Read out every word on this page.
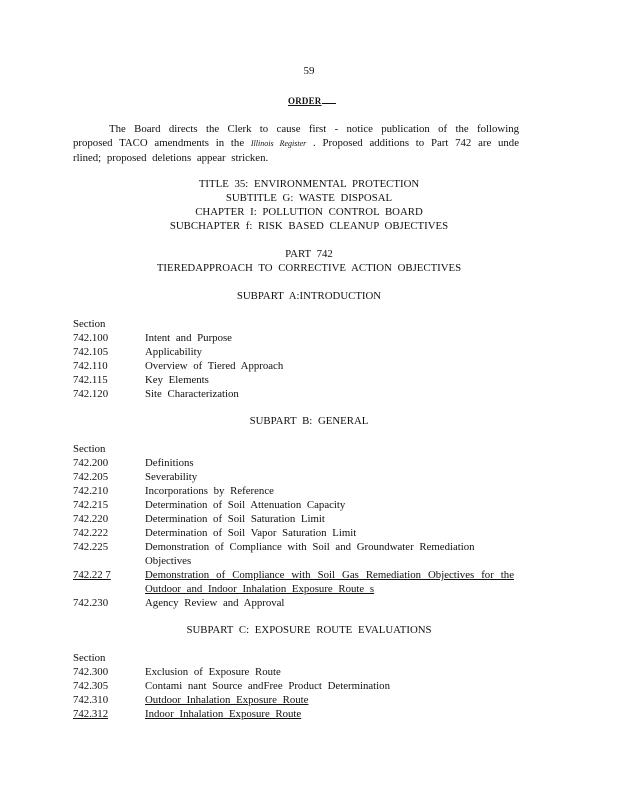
59
ORDER
The Board directs the Clerk to cause first - notice publication of the following proposed TACO amendments in the Illinois Register . Proposed additions to Part 742 are unde rlined; proposed deletions appear stricken.
TITLE 35: ENVIRONMENTAL PROTECTION
SUBTITLE G: WASTE DISPOSAL
CHAPTER I: POLLUTION CONTROL BOARD
SUBCHAPTER f: RISK BASED CLEANUP OBJECTIVES
PART 742
TIEREDAPPROACH TO CORRECTIVE ACTION OBJECTIVES
SUBPART A:INTRODUCTION
Section
742.100	Intent and Purpose
742.105	Applicability
742.110	Overview of Tiered Approach
742.115	Key Elements
742.120	Site Characterization
SUBPART B: GENERAL
Section
742.200	Definitions
742.205	Severability
742.210	Incorporations by Reference
742.215	Determination of Soil Attenuation Capacity
742.220	Determination of Soil Saturation Limit
742.222	Determination of Soil Vapor Saturation Limit
742.225	Demonstration of Compliance with Soil and Groundwater Remediation
Objectives
742.22 7	Demonstration of Compliance with Soil Gas Remediation Objectives for the
Outdoor and Indoor Inhalation Exposure Route s
742.230	Agency Review and Approval
SUBPART C: EXPOSURE ROUTE EVALUATIONS
Section
742.300	Exclusion of Exposure Route
742.305	Contami nant Source andFree Product Determination
742.310	Outdoor Inhalation Exposure Route
742.312	Indoor Inhalation Exposure Route
